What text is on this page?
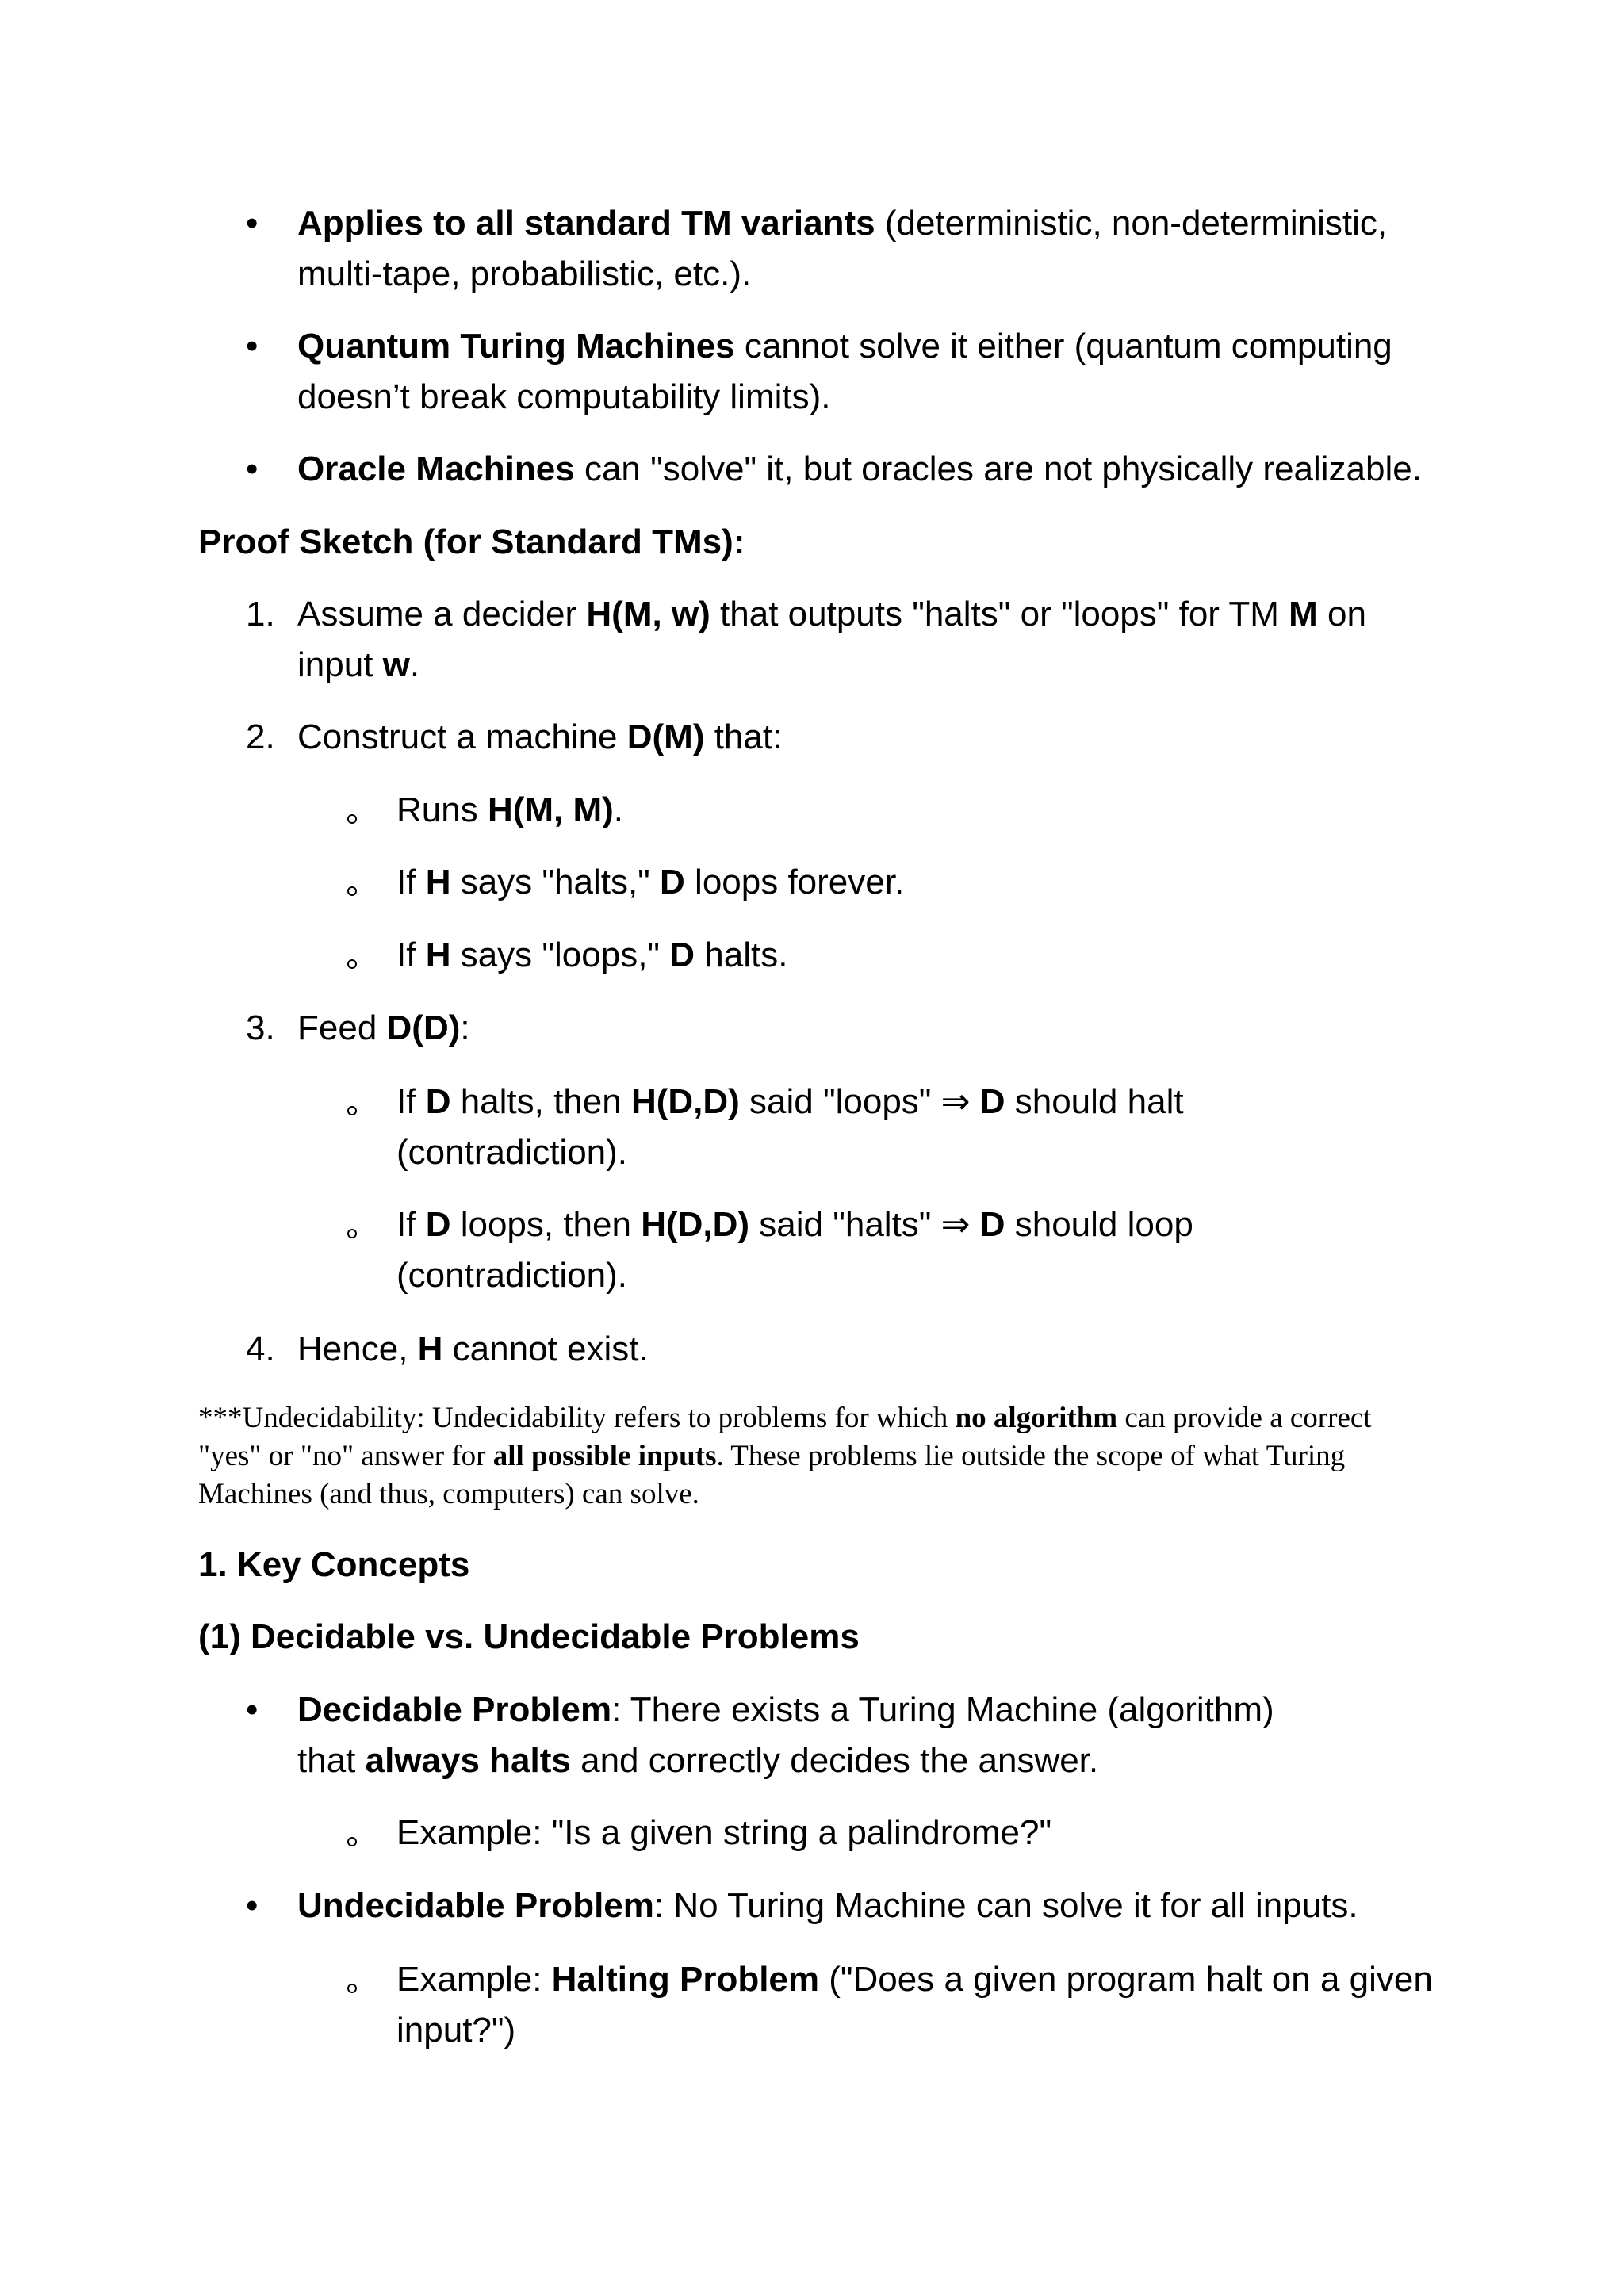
• Applies to all standard TM variants (deterministic, non-deterministic,
multi-tape, probabilistic, etc.).
• Quantum Turing Machines cannot solve it either (quantum computing
doesn’t break computability limits).
• Oracle Machines can "solve" it, but oracles are not physically realizable.
Proof Sketch (for Standard TMs):
1. Assume a decider H(M, w) that outputs "halts" or "loops" for TM M on
input w.
2. Construct a machine D(M) that:
Runs H(M, M).
If H says "halts," D loops forever.
If H says "loops," D halts.
3. Feed D(D):
If D halts, then H(D,D) said "loops" ⇒ D should halt
(contradiction).
If D loops, then H(D,D) said "halts" ⇒ D should loop
(contradiction).
4. Hence, H cannot exist.
***Undecidability: Undecidability refers to problems for which no algorithm can provide a correct
"yes" or "no" answer for all possible inputs. These problems lie outside the scope of what Turing
Machines (and thus, computers) can solve.
1. Key Concepts
(1) Decidable vs. Undecidable Problems
• Decidable Problem: There exists a Turing Machine (algorithm)
that always halts and correctly decides the answer.
Example: "Is a given string a palindrome?"
• Undecidable Problem: No Turing Machine can solve it for all inputs.
Example: Halting Problem ("Does a given program halt on a given
input?")
